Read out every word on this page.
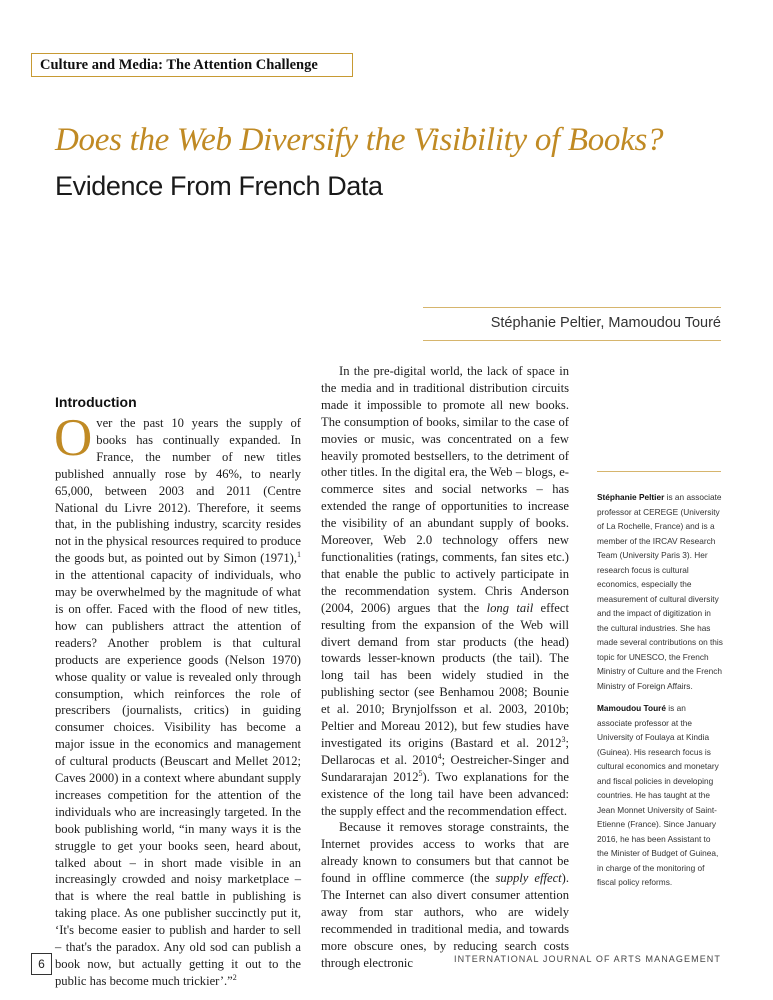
Culture and Media: The Attention Challenge
Does the Web Diversify the Visibility of Books?
Evidence From French Data
Stéphanie Peltier, Mamoudou Touré
Introduction

Over the past 10 years the supply of books has continually expanded. In France, the number of new titles published annually rose by 46%, to nearly 65,000, between 2003 and 2011 (Centre National du Livre 2012). Therefore, it seems that, in the publishing industry, scarcity resides not in the physical resources required to produce the goods but, as pointed out by Simon (1971),$^1$ in the attentional capacity of individuals, who may be overwhelmed by the magnitude of what is on offer. Faced with the flood of new titles, how can publishers attract the attention of readers? Another problem is that cultural products are experience goods (Nelson 1970) whose quality or value is revealed only through consumption, which reinforces the role of prescribers (journalists, critics) in guiding consumer choices. Visibility has become a major issue in the economics and management of cultural products (Beuscart and Mellet 2012; Caves 2000) in a context where abundant supply increases competition for the attention of the individuals who are increasingly targeted. In the book publishing world, “in many ways it is the struggle to get your books seen, heard about, talked about – in short made visible in an increasingly crowded and noisy marketplace – that is where the real battle in publishing is taking place. As one publisher succinctly put it, ‘It's become easier to publish and harder to sell – that's the paradox. Any old sod can publish a book now, but actually getting it out to the public has become much trickier’.”$^2$

In the pre-digital world, the lack of space in the media and in traditional distribution circuits made it impossible to promote all new books. The consumption of books, similar to the case of movies or music, was concentrated on a few heavily promoted bestsellers, to the detriment of other titles. In the digital era, the Web – blogs, e-commerce sites and social networks – has extended the range of opportunities to increase the visibility of an abundant supply of books. Moreover, Web 2.0 technology offers new functionalities (ratings, comments, fan sites etc.) that enable the public to actively participate in the recommendation system. Chris Anderson (2004, 2006) argues that the long tail effect resulting from the expansion of the Web will divert demand from star products (the head) towards lesser-known products (the tail). The long tail has been widely studied in the publishing sector (see Benhamou 2008; Bounie et al. 2010; Brynjolfsson et al. 2003, 2010b; Peltier and Moreau 2012), but few studies have investigated its origins (Bastard et al. 2012$^3$; Dellarocas et al. 2010$^4$; Oestreicher-Singer and Sundararajan 2012$^5$). Two explanations for the existence of the long tail have been advanced: the supply effect and the recommendation effect.

Because it removes storage constraints, the Internet provides access to works that are already known to consumers but that cannot be found in offline commerce (the supply effect). The Internet can also divert consumer attention away from star authors, who are widely recommended in traditional media, and towards more obscure ones, by reducing search costs through electronic

Stéphanie Peltier is an associate professor at CEREGE (University of La Rochelle, France) and is a member of the IRCAV Research Team (University Paris 3). Her research focus is cultural economics, especially the measurement of cultural diversity and the impact of digitization in the cultural industries. She has made several contributions on this topic for UNESCO, the French Ministry of Culture and the French Ministry of Foreign Affairs.

Mamoudou Touré is an associate professor at the University of Foulaya at Kindia (Guinea). His research focus is cultural economics and monetary and fiscal policies in developing countries. He has taught at the Jean Monnet University of Saint-Etienne (France). Since January 2016, he has been Assistant to the Minister of Budget of Guinea, in charge of the monitoring of fiscal policy reforms.

6	INTERNATIONAL JOURNAL OF ARTS MANAGEMENT
